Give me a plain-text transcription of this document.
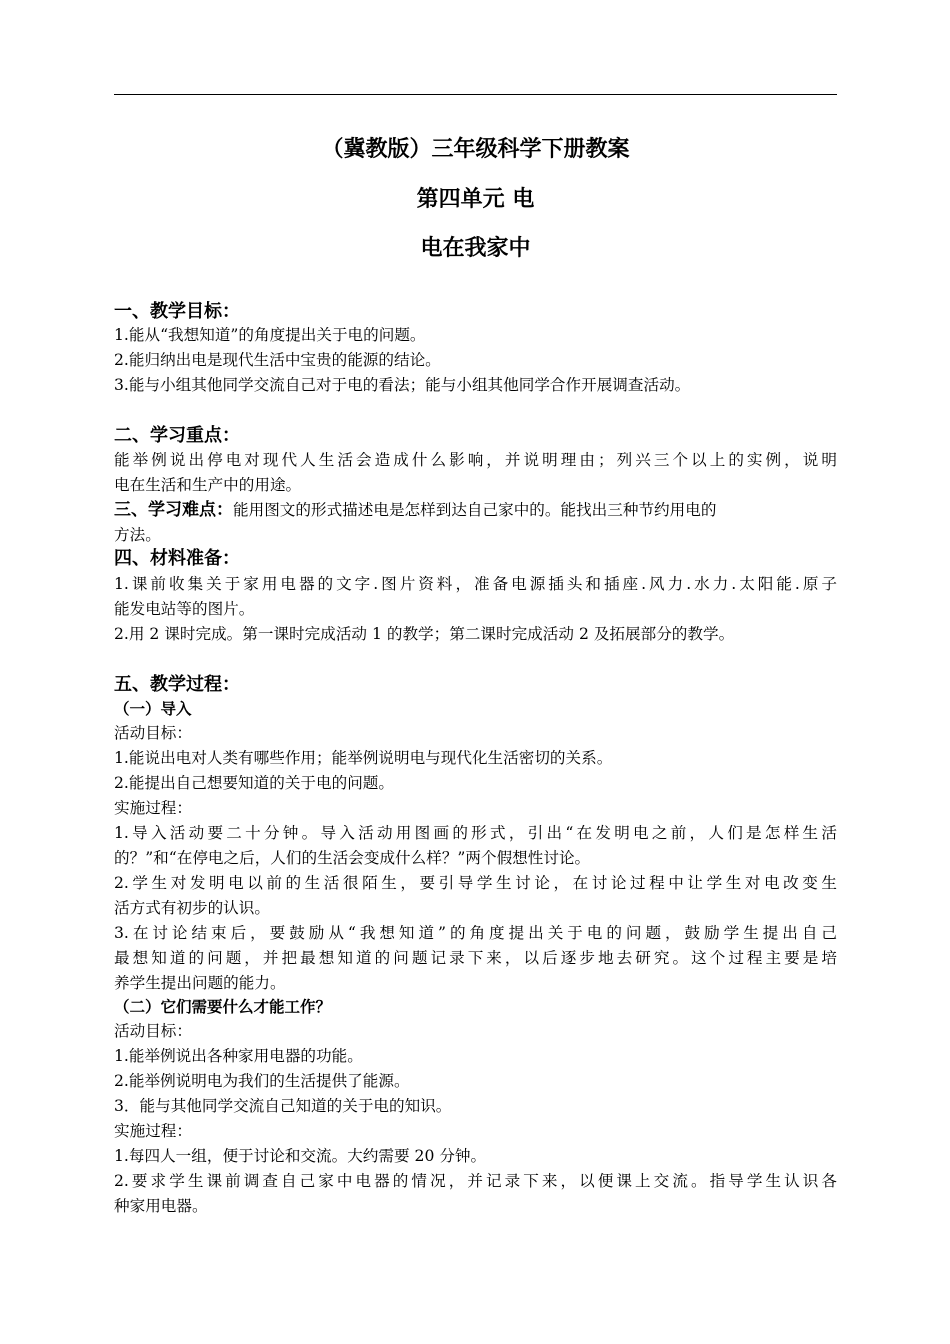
（冀教版）三年级科学下册教案
第四单元 电
电在我家中
一、教学目标：
1.能从“我想知道”的角度提出关于电的问题。
2.能归纳出电是现代生活中宝贵的能源的结论。
3.能与小组其他同学交流自己对于电的看法；能与小组其他同学合作开展调查活动。
二、学习重点：
能举例说出停电对现代人生活会造成什么影响，并说明理由；列兴三个以上的实例，说明
电在生活和生产中的用途。
三、学习难点：能用图文的形式描述电是怎样到达自己家中的。能找出三种节约用电的
方法。
四、材料准备：
1.课前收集关于家用电器的文字.图片资料，准备电源插头和插座.风力.水力.太阳能.原子
能发电站等的图片。
2.用 2 课时完成。第一课时完成活动 1 的教学；第二课时完成活动 2 及拓展部分的教学。
五、教学过程：
（一）导入
活动目标：
1.能说出电对人类有哪些作用；能举例说明电与现代化生活密切的关系。
2.能提出自己想要知道的关于电的问题。
实施过程：
1.导入活动要二十分钟。导入活动用图画的形式，引出“在发明电之前，人们是怎样生活
的？”和“在停电之后，人们的生活会变成什么样？”两个假想性讨论。
2.学生对发明电以前的生活很陌生，要引导学生讨论，在讨论过程中让学生对电改变生
活方式有初步的认识。
3.在讨论结束后，要鼓励从“我想知道”的角度提出关于电的问题，鼓励学生提出自己
最想知道的问题，并把最想知道的问题记录下来，以后逐步地去研究。这个过程主要是培
养学生提出问题的能力。
（二）它们需要什么才能工作？
活动目标：
1.能举例说出各种家用电器的功能。
2.能举例说明电为我们的生活提供了能源。
3．能与其他同学交流自己知道的关于电的知识。
实施过程：
1.每四人一组，便于讨论和交流。大约需要 20 分钟。
2.要求学生课前调查自己家中电器的情况，并记录下来，以便课上交流。指导学生认识各
种家用电器。
